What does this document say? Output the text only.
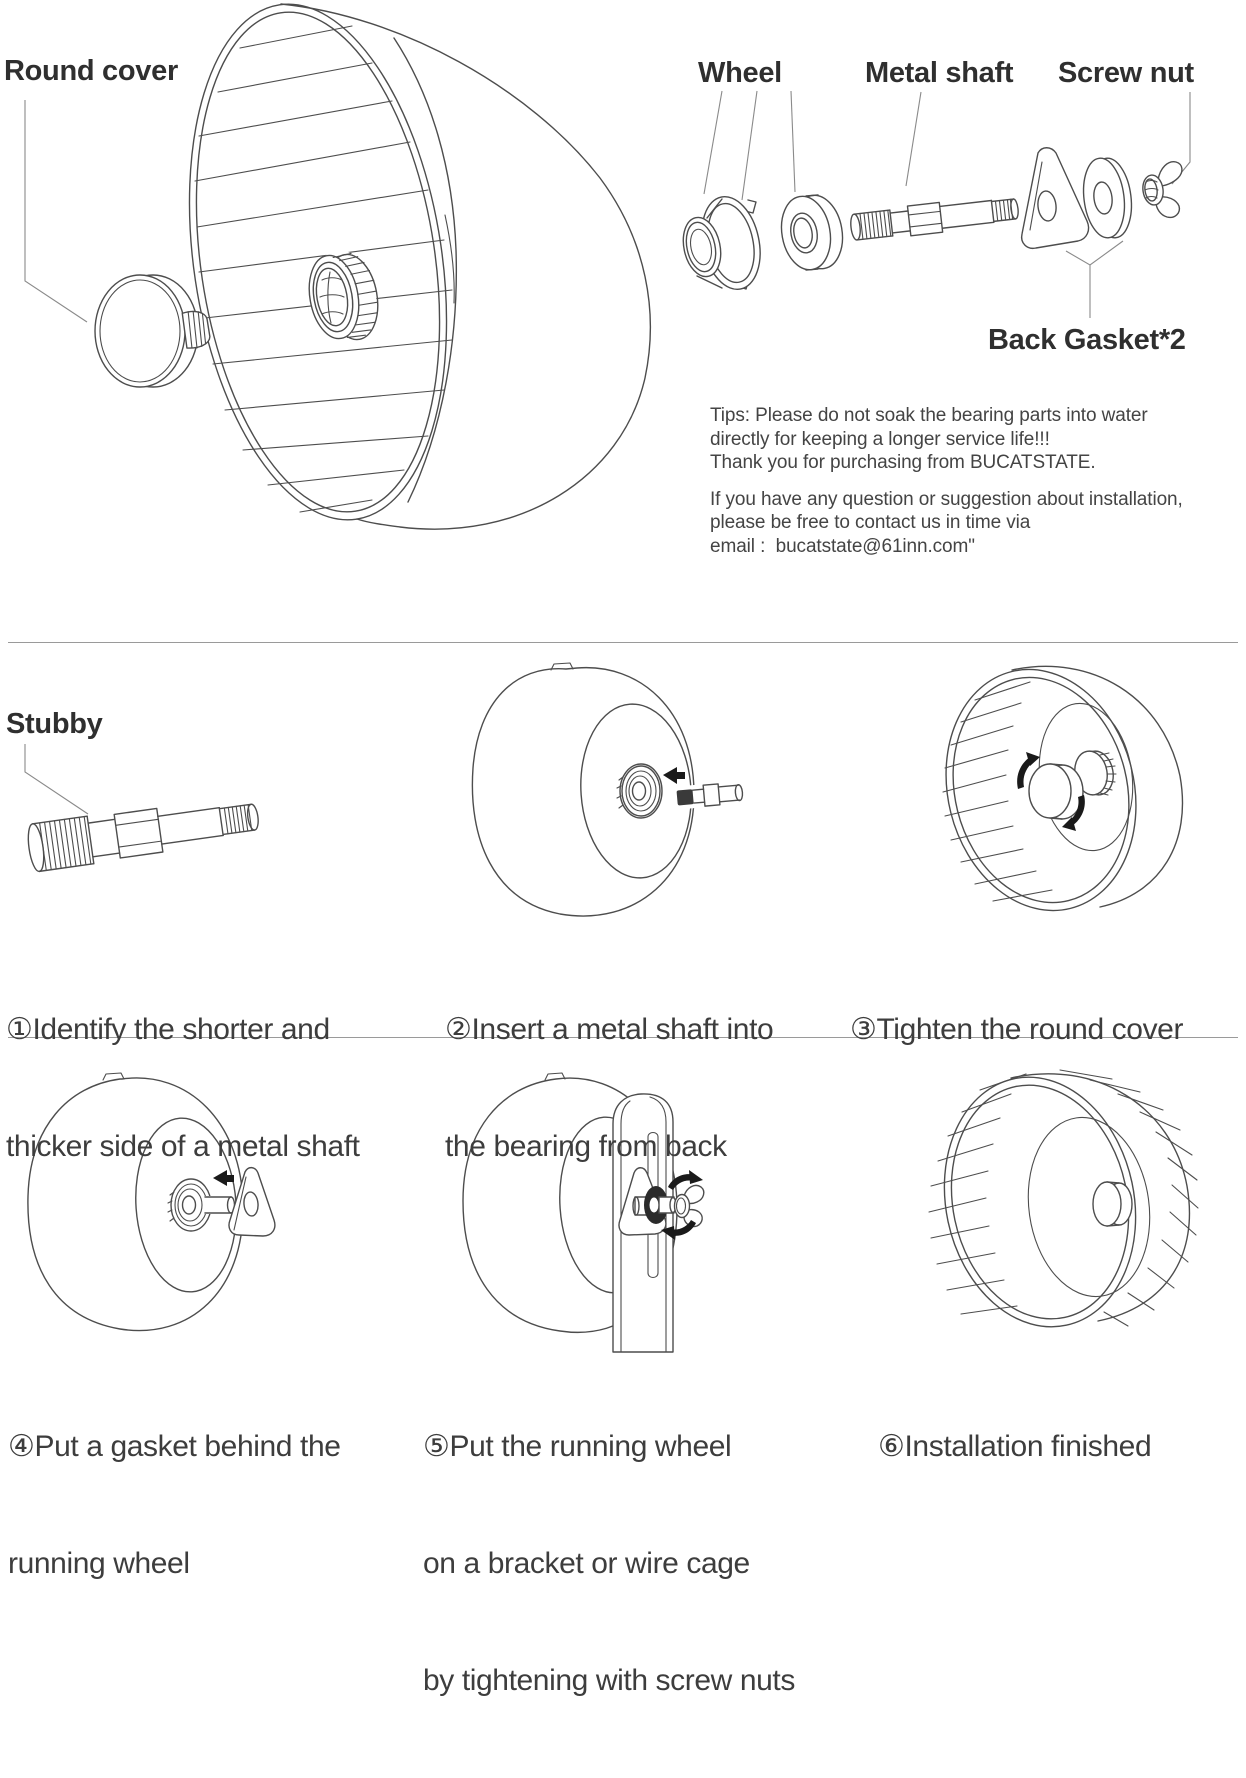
Round cover	Wheel	Metal shaft Screw nut
Back Gasket*2
Stubby
Tips: Please do not soak the bearing parts into water
directly for keeping a longer service life!!!
Thank you for purchasing from BUCATSTATE.
If you have any question or suggestion about installation,
please be free to contact us in time via
email :  bucatstate@61inn.com"

①Identify the shorter and

thicker side of a metal shaft

②Insert a metal shaft into

the bearing from back

③Tighten the round cover

④Put a gasket behind the

running wheel

⑤Put the running wheel

on a bracket or wire cage

by tightening with screw nuts

⑥Installation finished
